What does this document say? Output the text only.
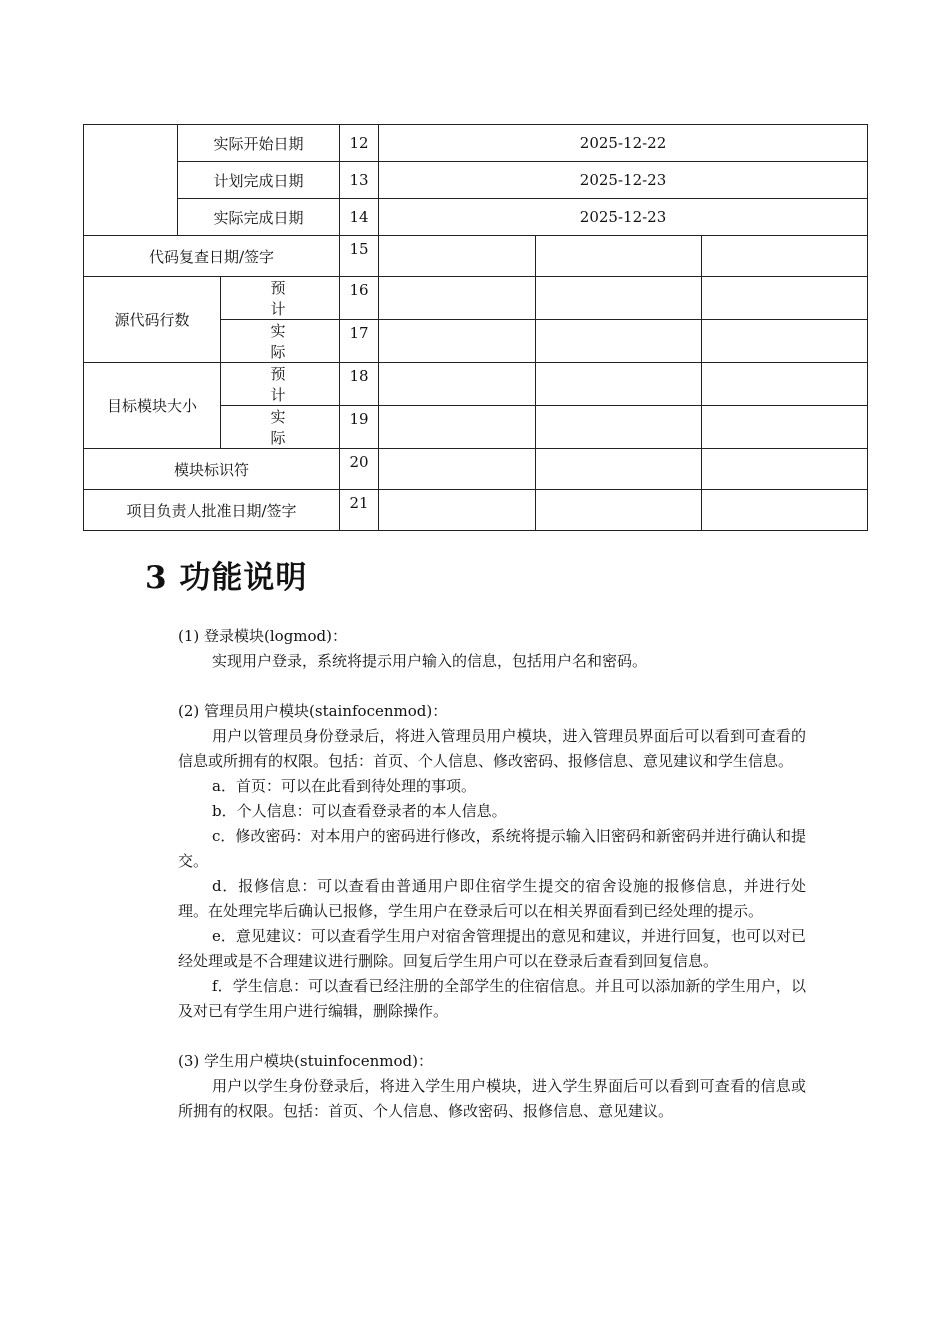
	实际开始日期		12	2025-12-22		
	计划完成日期		13	2025-12-23		
	实际完成日期		14	2025-12-23		
代码复查日期/签字			15			
源代码行数		预　计	16			
		实　际	17			
目标模块大小		预　计	18			
		实　际	19			
模块标识符			20			
项目负责人批准日期/签字			21			
3 功能说明

(1) 登录模块(logmod)：

实现用户登录，系统将提示用户输入的信息，包括用户名和密码。

(2) 管理员用户模块(stainfocenmod)：

用户以管理员身份登录后，将进入管理员用户模块，进入管理员界面后可以看到可查看的信息或所拥有的权限。包括：首页、个人信息、修改密码、报修信息、意见建议和学生信息。

a．首页：可以在此看到待处理的事项。

b．个人信息：可以查看登录者的本人信息。

c．修改密码：对本用户的密码进行修改，系统将提示输入旧密码和新密码并进行确认和提交。

d．报修信息：可以查看由普通用户即住宿学生提交的宿舍设施的报修信息，并进行处理。在处理完毕后确认已报修，学生用户在登录后可以在相关界面看到已经处理的提示。

e．意见建议：可以查看学生用户对宿舍管理提出的意见和建议，并进行回复，也可以对已经处理或是不合理建议进行删除。回复后学生用户可以在登录后查看到回复信息。

f．学生信息：可以查看已经注册的全部学生的住宿信息。并且可以添加新的学生用户，以及对已有学生用户进行编辑，删除操作。

(3) 学生用户模块(stuinfocenmod)：

用户以学生身份登录后，将进入学生用户模块，进入学生界面后可以看到可查看的信息或所拥有的权限。包括：首页、个人信息、修改密码、报修信息、意见建议。
